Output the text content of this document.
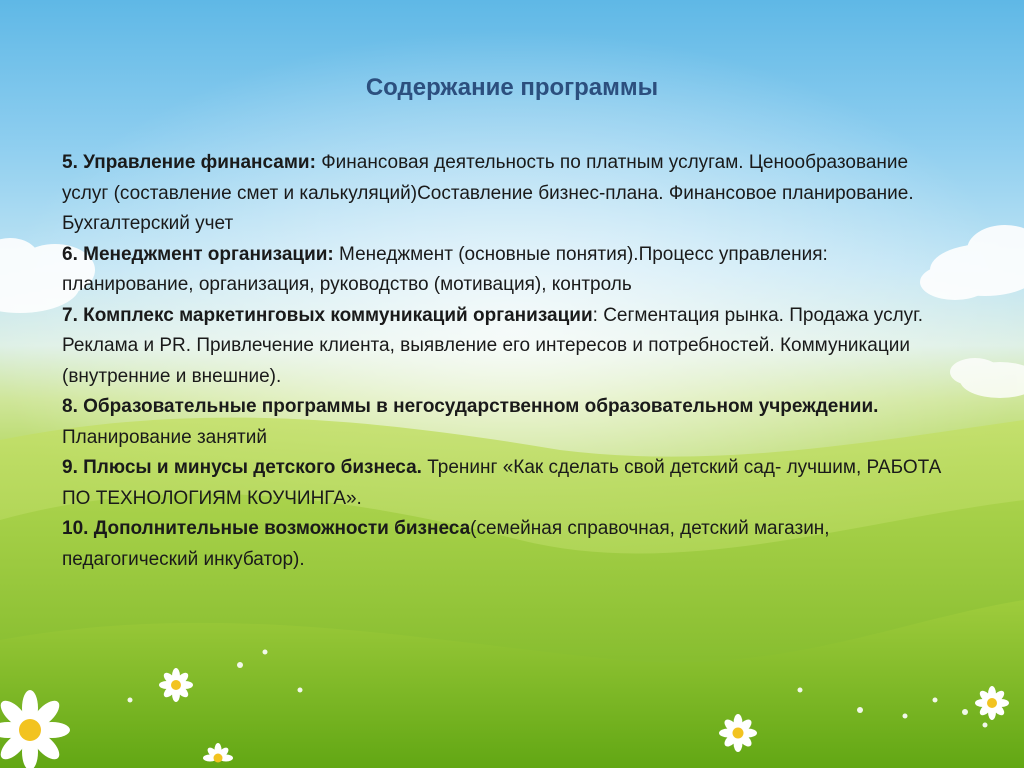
Содержание программы

5. Управление финансами: Финансовая деятельность по платным услугам. Ценообразование услуг (составление смет и калькуляций)Составление бизнес-плана. Финансовое планирование. Бухгалтерский учет

6. Менеджмент организации: Менеджмент (основные понятия).Процесс управления: планирование, организация, руководство (мотивация), контроль

7. Комплекс маркетинговых коммуникаций организации: Сегментация рынка. Продажа услуг. Реклама и PR. Привлечение клиента, выявление его интересов и потребностей. Коммуникации (внутренние и внешние).

8. Образовательные программы в негосударственном образовательном учреждении. Планирование занятий

9. Плюсы и минусы детского бизнеса. Тренинг «Как сделать свой детский сад- лучшим, РАБОТА ПО ТЕХНОЛОГИЯМ КОУЧИНГА».

10. Дополнительные возможности бизнеса(семейная справочная, детский магазин, педагогический инкубатор).
